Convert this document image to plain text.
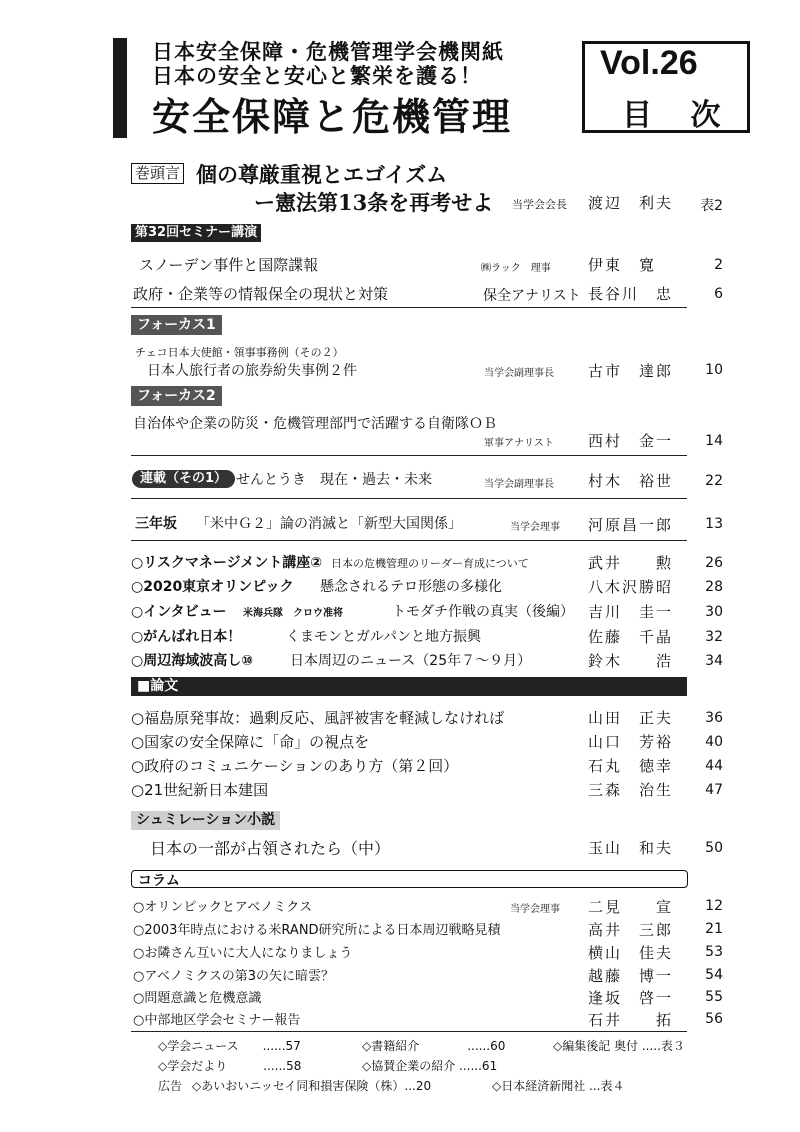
日本安全保障・危機管理学会機関紙
日本の安全と安心と繁栄を護る！
安全保障と危機管理
Vol.26
目 次
巻頭言 個の尊厳重視とエゴイズム
ー憲法第13条を再考せよ 当学会会長 渡辺　利夫	表2
第32回セミナー講演
スノーデン事件と国際諜報	㈱ラック　理事 伊東　寛	2
政府・企業等の情報保全の現状と対策	保全アナリスト 長谷川　忠	6
フォーカス1
チェコ日本大使館・領事事務例（その２）
日本人旅行者の旅券紛失事例２件	当学会副理事長 古市　達郎	10
フォーカス2
自治体や企業の防災・危機管理部門で活躍する自衛隊ＯＢ
軍事アナリスト 西村　金一	14
連載（その1） せんとうき　現在・過去・未来	当学会副理事長 村木　裕世	22
三年坂 「米中Ｇ２」論の消滅と「新型大国関係」	当学会理事 河原昌一郎	13
○リスクマネージメント講座② 日本の危機管理のリーダー育成について	武井　　勲	26
○2020東京オリンピック 懸念されるテロ形態の多様化	八木沢勝昭	28
○インタビュー 米海兵隊　クロウ准将	トモダチ作戦の真実（後編） 吉川　圭一	30
○がんばれ日本！	くまモンとガルパンと地方振興	佐藤　千晶	32
○周辺海域波高し⑩	日本周辺のニュース（25年７～９月）	鈴木　　浩	34
■論文
○福島原発事故：過剰反応、風評被害を軽減しなければ	山田　正夫	36
○国家の安全保障に「命」の視点を	山口　芳裕	40
○政府のコミュニケーションのあり方（第２回）	石丸　徳幸	44
○21世紀新日本建国	三森　治生	47
シュミレーション小説
日本の一部が占領されたら（中）	玉山　和夫	50
コラム
○オリンピックとアベノミクス	当学会理事 二見　　宣	12
○2003年時点における米RAND研究所による日本周辺戦略見積	高井　三郎	21
○お隣さん互いに大人になりましょう	横山　佳夫	53
○アベノミクスの第3の矢に暗雲？	越藤　博一	54
○問題意識と危機意識	逢坂　啓一	55
○中部地区学会セミナー報告	石井　　拓	56
◇学会ニュース　　......57	◇書籍紹介　　　　......60	◇編集後記 奥付 .....表３
◇学会だより　　　......58	◇協賛企業の紹介 ......61
広告 ◇あいおいニッセイ同和損害保険（株）...20	◇日本経済新聞社 ...表４
